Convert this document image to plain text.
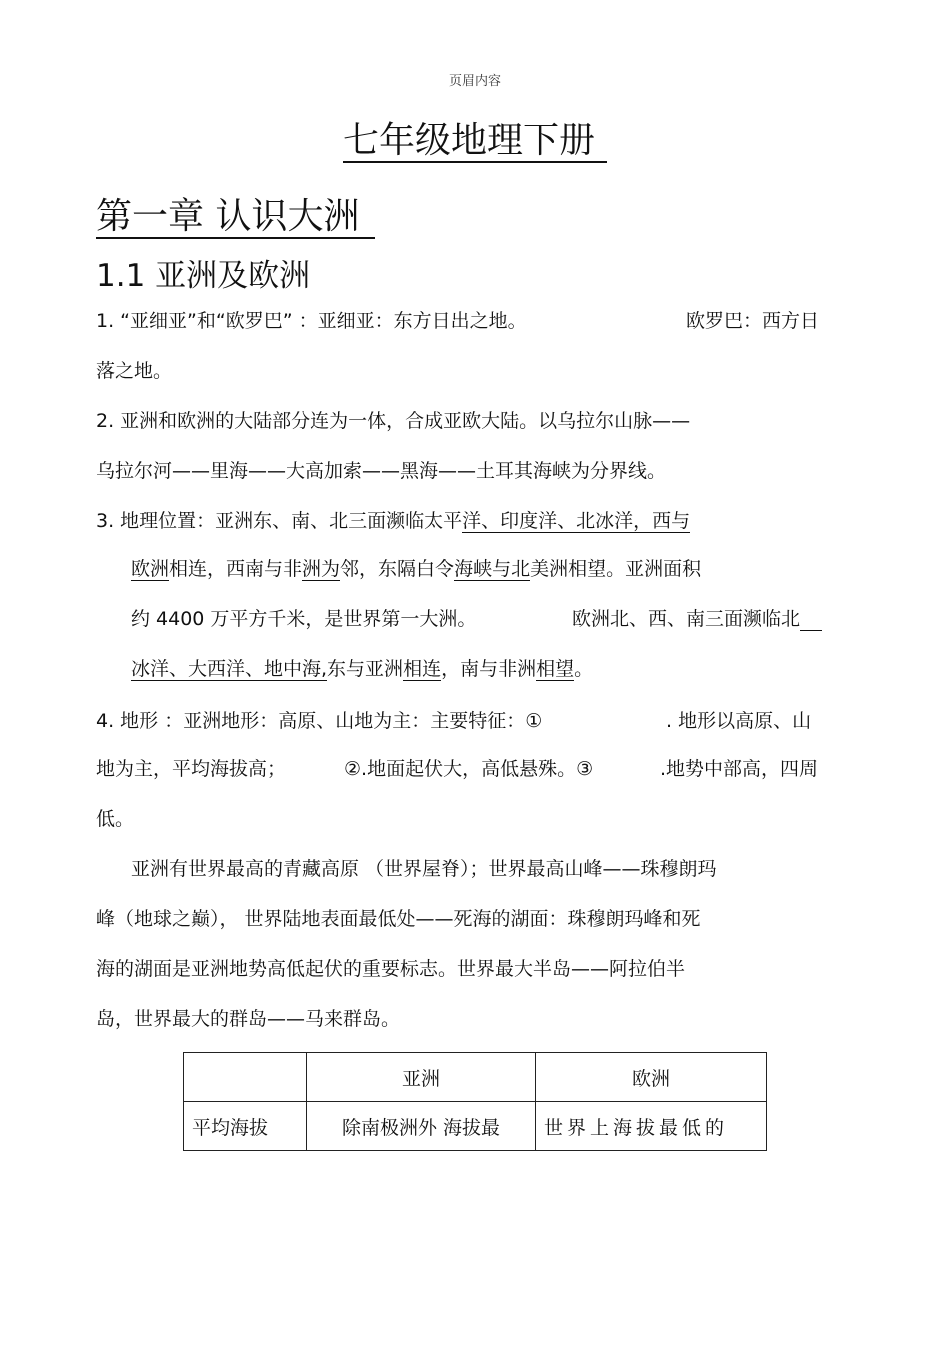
页眉内容
七年级地理下册
第一章 认识大洲
1.1 亚洲及欧洲
1. “亚细亚”和“欧罗巴” ：亚细亚：东方日出之地。	欧罗巴：西方日
落之地。
2. 亚洲和欧洲的大陆部分连为一体，合成亚欧大陆。以乌拉尔山脉——
乌拉尔河——里海——大高加索——黑海——土耳其海峡为分界线。
3. 地理位置：亚洲东、南、北三面濒临太平洋、印度洋、北冰洋，西与
欧洲相连，西南与非洲为邻，东隔白令海峡与北美洲相望。亚洲面积
约 4400 万平方千米，是世界第一大洲。	欧洲北、西、南三面濒临北
冰洋、大西洋、地中海,东与亚洲相连，南与非洲相望。
4. 地形 ：亚洲地形：高原、山地为主：主要特征：①	. 地形以高原、山
地为主，平均海拔高；	②.地面起伏大，高低悬殊。③	.地势中部高，四周
低。
亚洲有世界最高的青藏高原 （世界屋脊）；世界最高山峰——珠穆朗玛
峰（地球之巅）， 世界陆地表面最低处——死海的湖面：珠穆朗玛峰和死
海的湖面是亚洲地势高低起伏的重要标志。世界最大半岛——阿拉伯半
岛，世界最大的群岛——马来群岛。
	亚洲	欧洲
平均海拔	除南极洲外 海拔最	世界上海拔最低的
